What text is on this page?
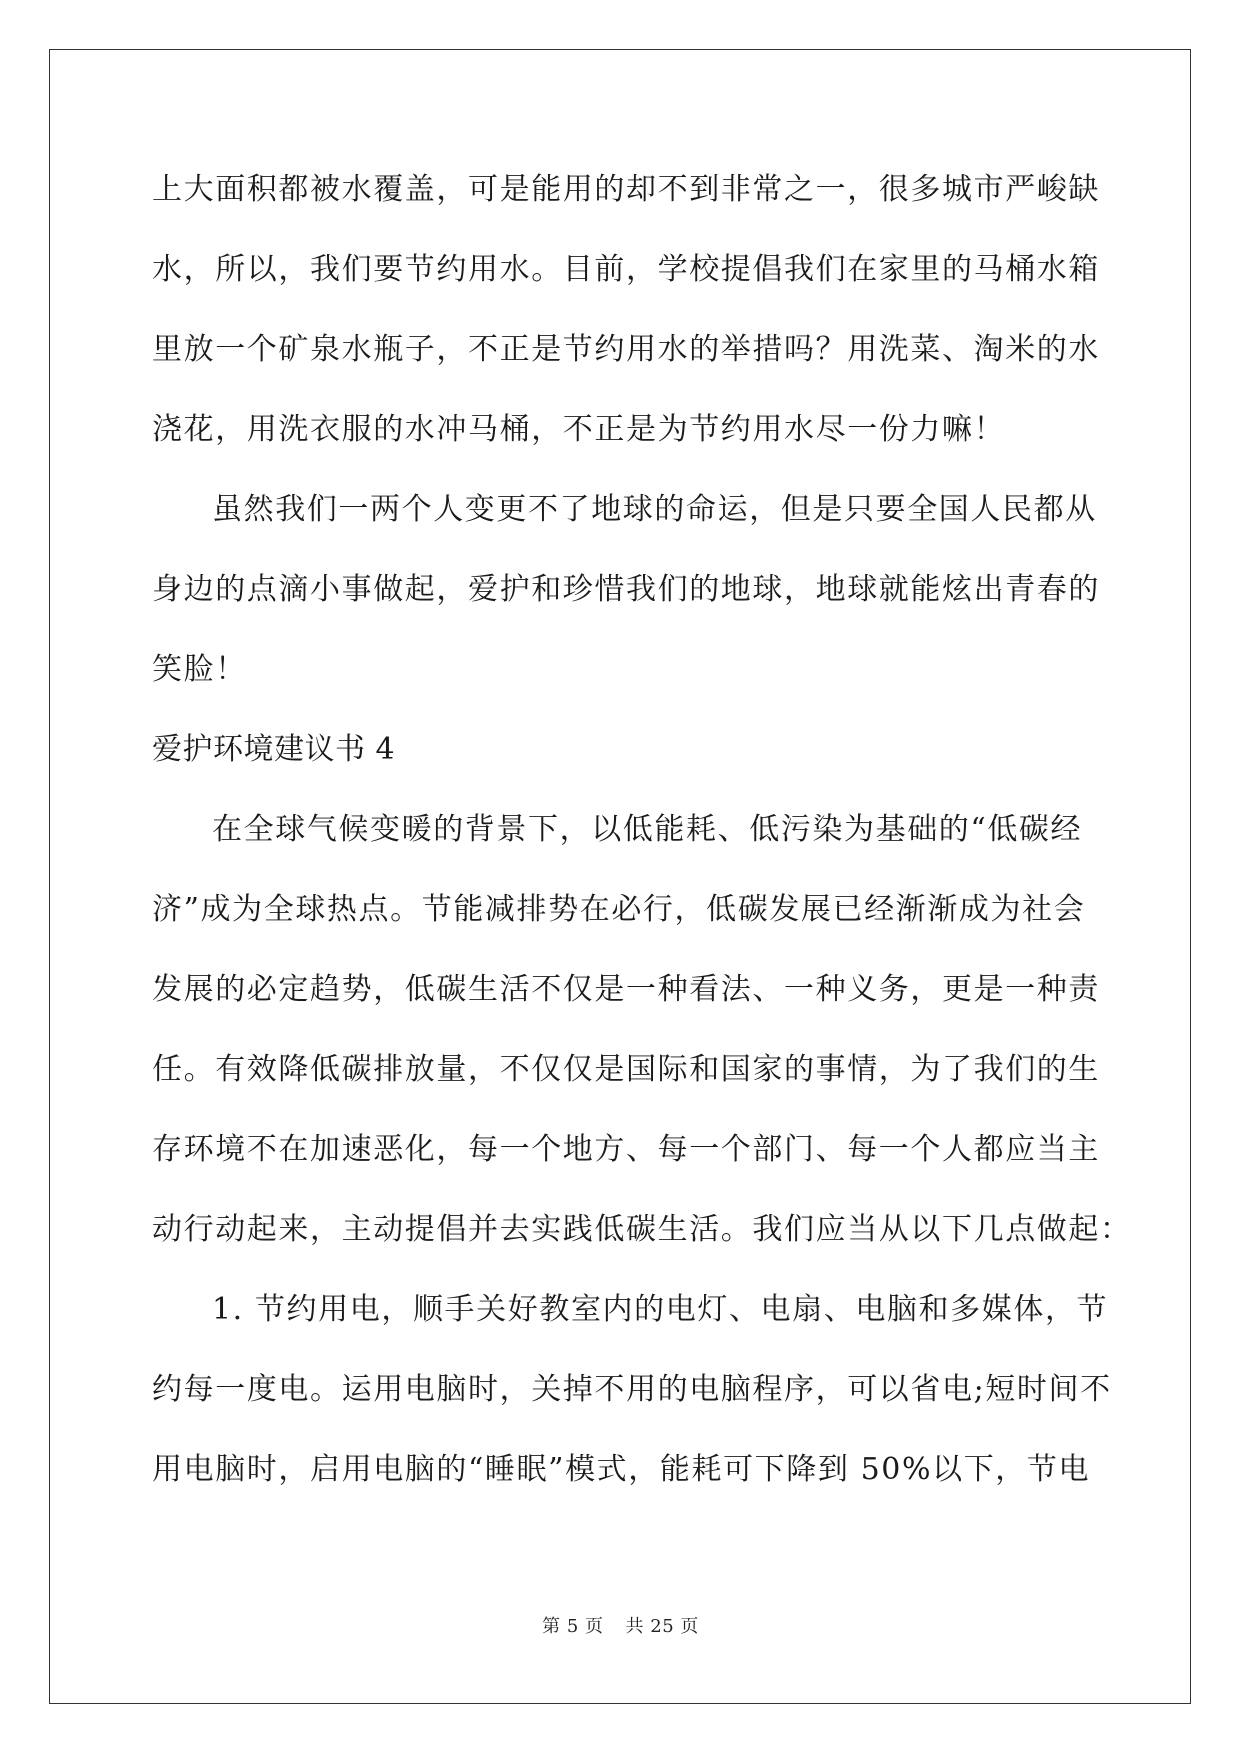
上大面积都被水覆盖，可是能用的却不到非常之一，很多城市严峻缺
水，所以，我们要节约用水。目前，学校提倡我们在家里的马桶水箱
里放一个矿泉水瓶子，不正是节约用水的举措吗？用洗菜、淘米的水
浇花，用洗衣服的水冲马桶，不正是为节约用水尽一份力嘛！
虽然我们一两个人变更不了地球的命运，但是只要全国人民都从
身边的点滴小事做起，爱护和珍惜我们的地球，地球就能炫出青春的
笑脸！
爱护环境建议书 4
在全球气候变暖的背景下，以低能耗、低污染为基础的“低碳经
济”成为全球热点。节能减排势在必行，低碳发展已经渐渐成为社会
发展的必定趋势，低碳生活不仅是一种看法、一种义务，更是一种责
任。有效降低碳排放量，不仅仅是国际和国家的事情，为了我们的生
存环境不在加速恶化，每一个地方、每一个部门、每一个人都应当主
动行动起来，主动提倡并去实践低碳生活。我们应当从以下几点做起：
1. 节约用电，顺手关好教室内的电灯、电扇、电脑和多媒体，节
约每一度电。运用电脑时，关掉不用的电脑程序，可以省电;短时间不
用电脑时，启用电脑的“睡眠”模式，能耗可下降到 50%以下，节电
第 5 页 共 25 页
